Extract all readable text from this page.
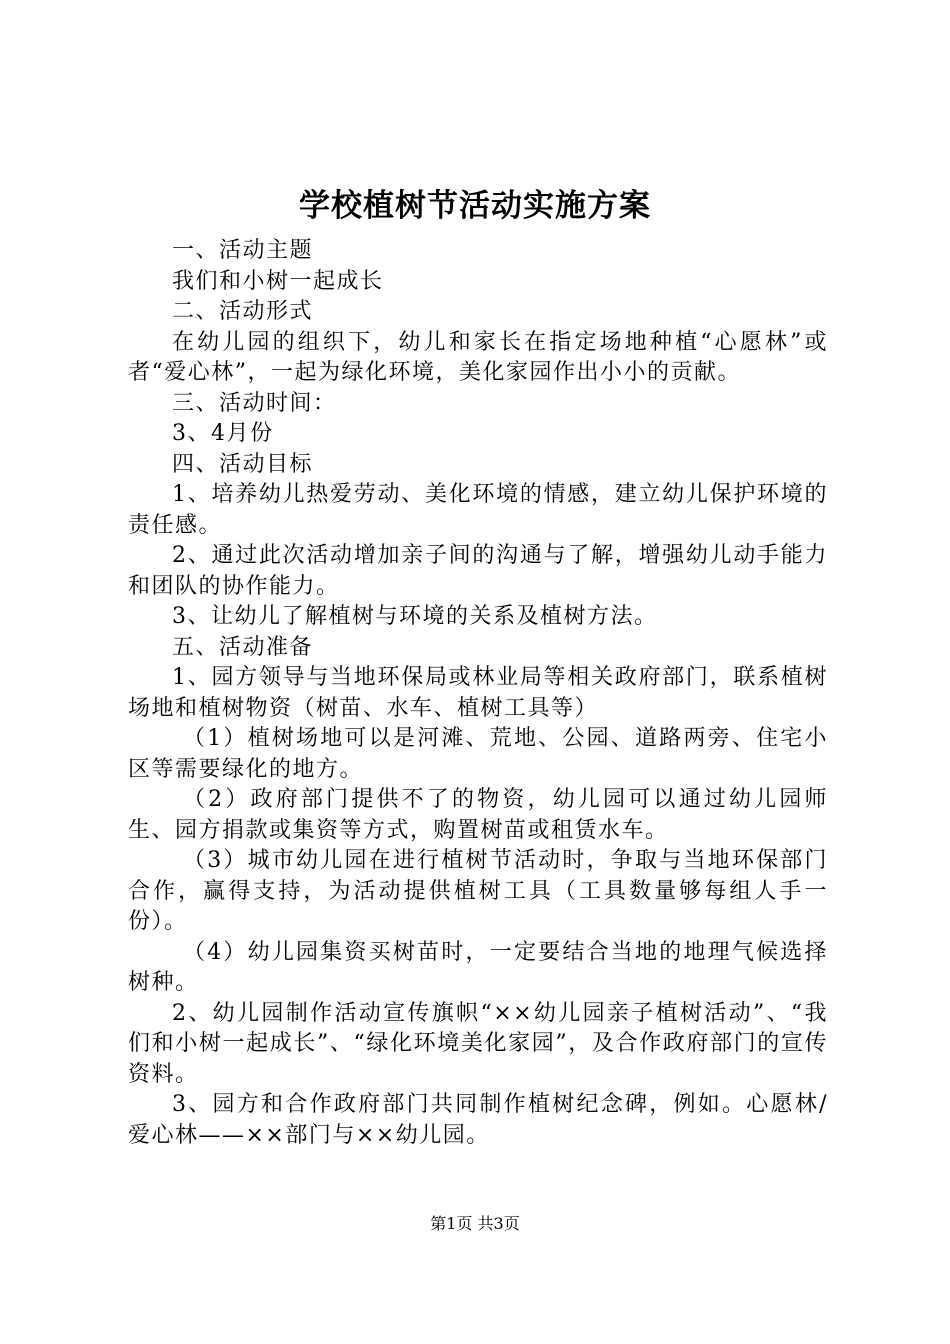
学校植树节活动实施方案

一、活动主题

我们和小树一起成长

二、活动形式

在幼儿园的组织下，幼儿和家长在指定场地种植“心愿林”或者“爱心林”，一起为绿化环境，美化家园作出小小的贡献。

三、活动时间：

3、4月份

四、活动目标

1、培养幼儿热爱劳动、美化环境的情感，建立幼儿保护环境的责任感。

2、通过此次活动增加亲子间的沟通与了解，增强幼儿动手能力和团队的协作能力。

3、让幼儿了解植树与环境的关系及植树方法。

五、活动准备

1、园方领导与当地环保局或林业局等相关政府部门，联系植树场地和植树物资（树苗、水车、植树工具等）

（1）植树场地可以是河滩、荒地、公园、道路两旁、住宅小区等需要绿化的地方。

（2）政府部门提供不了的物资，幼儿园可以通过幼儿园师生、园方捐款或集资等方式，购置树苗或租赁水车。

（3）城市幼儿园在进行植树节活动时，争取与当地环保部门合作，赢得支持，为活动提供植树工具（工具数量够每组人手一份）。

（4）幼儿园集资买树苗时，一定要结合当地的地理气候选择树种。

2、幼儿园制作活动宣传旗帜“××幼儿园亲子植树活动”、“我们和小树一起成长”、“绿化环境美化家园”，及合作政府部门的宣传资料。

3、园方和合作政府部门共同制作植树纪念碑，例如。心愿林/爱心林——××部门与××幼儿园。

第1页 共3页
